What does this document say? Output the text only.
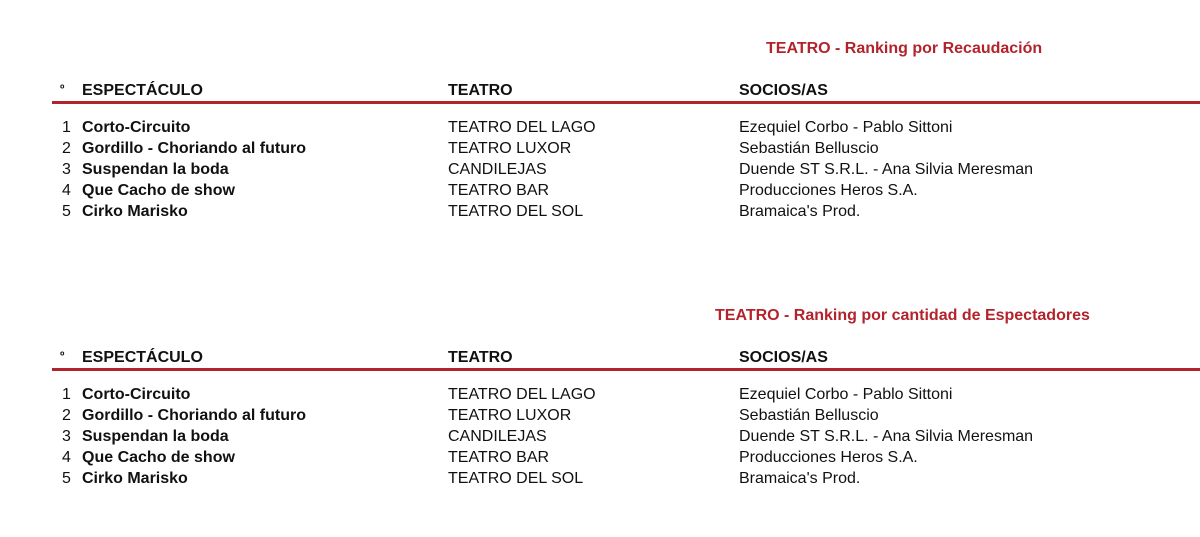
TEATRO - Ranking por Recaudación
º ESPECTÁCULO	TEATRO	SOCIOS/AS
1 Corto-Circuito	TEATRO DEL LAGO	Ezequiel Corbo - Pablo Sittoni
2 Gordillo - Choriando al futuro	TEATRO LUXOR	Sebastián Belluscio
3 Suspendan la boda	CANDILEJAS	Duende ST S.R.L. - Ana Silvia Meresman
4 Que Cacho de show	TEATRO BAR	Producciones Heros S.A.
5 Cirko Marisko	TEATRO DEL SOL	Bramaica's Prod.
TEATRO - Ranking por cantidad de Espectadores
º ESPECTÁCULO	TEATRO	SOCIOS/AS
1 Corto-Circuito	TEATRO DEL LAGO	Ezequiel Corbo - Pablo Sittoni
2 Gordillo - Choriando al futuro	TEATRO LUXOR	Sebastián Belluscio
3 Suspendan la boda	CANDILEJAS	Duende ST S.R.L. - Ana Silvia Meresman
4 Que Cacho de show	TEATRO BAR	Producciones Heros S.A.
5 Cirko Marisko	TEATRO DEL SOL	Bramaica's Prod.
